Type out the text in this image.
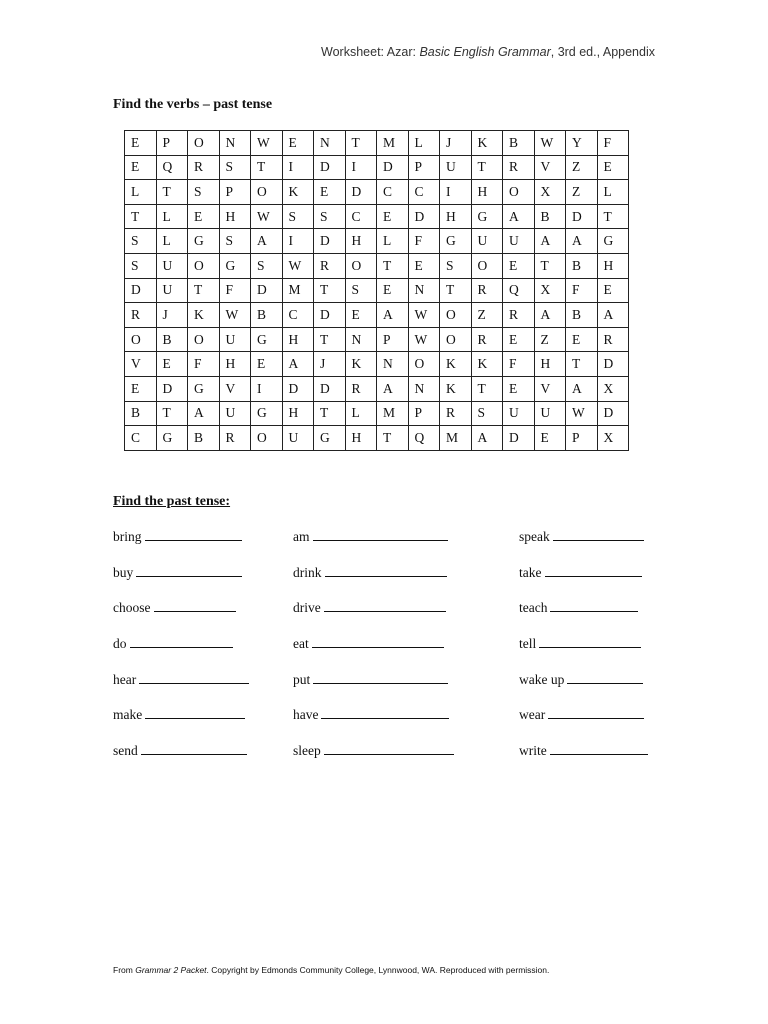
Worksheet: Azar: Basic English Grammar, 3rd ed., Appendix
Find the verbs – past tense
E	P	O	N	W	E	N	T	M	L	J	K	B	W	Y	F
E	Q	R	S	T	I	D	I	D	P	U	T	R	V	Z	E
L	T	S	P	O	K	E	D	C	C	I	H	O	X	Z	L
T	L	E	H	W	S	S	C	E	D	H	G	A	B	D	T
S	L	G	S	A	I	D	H	L	F	G	U	U	A	A	G
S	U	O	G	S	W	R	O	T	E	S	O	E	T	B	H
D	U	T	F	D	M	T	S	E	N	T	R	Q	X	F	E
R	J	K	W	B	C	D	E	A	W	O	Z	R	A	B	A
O	B	O	U	G	H	T	N	P	W	O	R	E	Z	E	R
V	E	F	H	E	A	J	K	N	O	K	K	F	H	T	D
E	D	G	V	I	D	D	R	A	N	K	T	E	V	A	X
B	T	A	U	G	H	T	L	M	P	R	S	U	U	W	D
C	G	B	R	O	U	G	H	T	Q	M	A	D	E	P	X
Find the past tense:
bring
buy
choose
do
hear
make
send
am
drink
drive
eat
put
have
sleep
speak
take
teach
tell
wake up
wear
write
From Grammar 2 Packet. Copyright by Edmonds Community College, Lynnwood, WA. Reproduced with permission.
